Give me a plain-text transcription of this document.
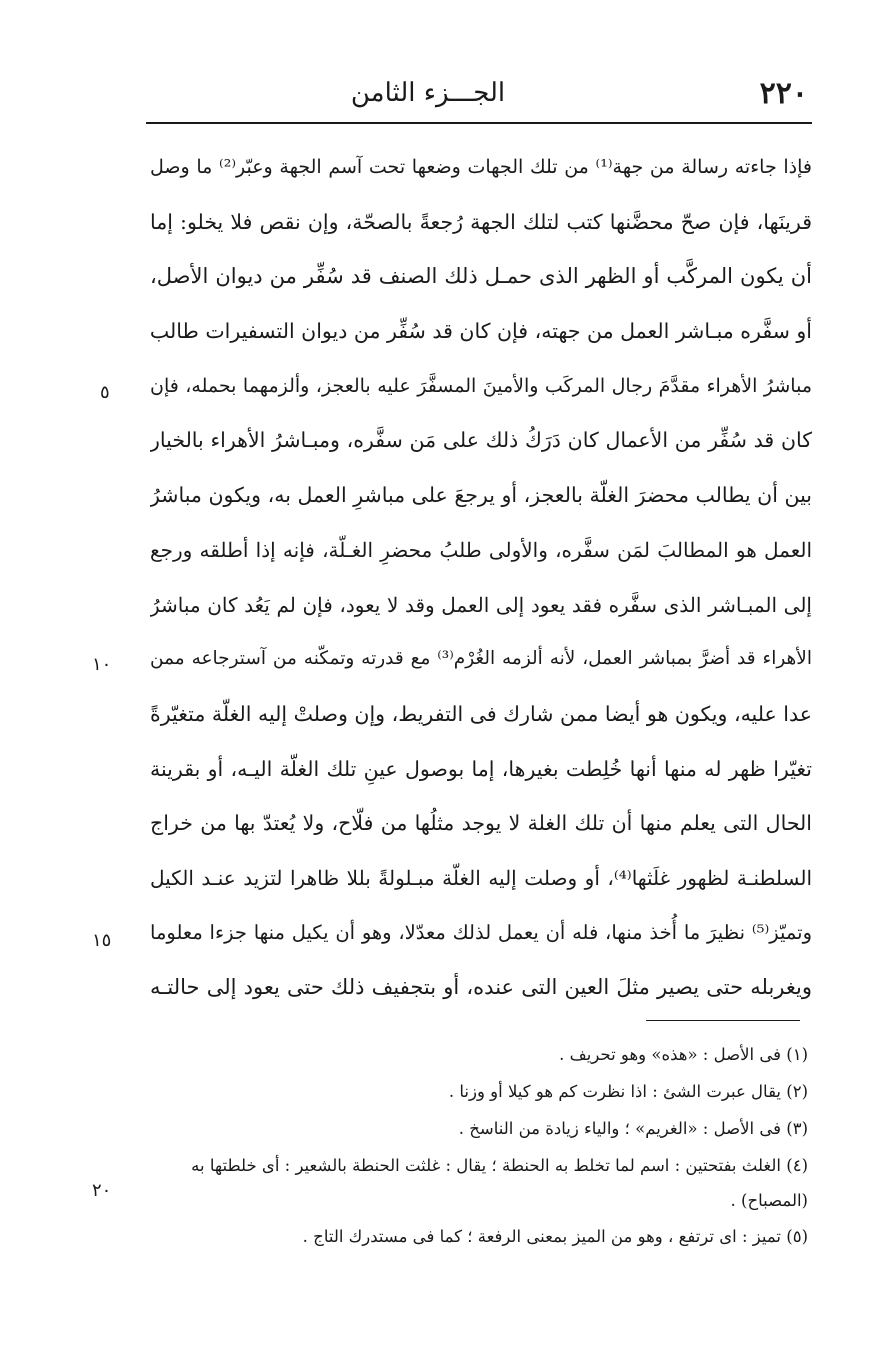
٢٢٠
الجـــزء الثامن
فإذا جاءته رسالة من جهة⁽¹⁾ من تلك الجهات وضعها تحت آسم الجهة وعبّر⁽²⁾ ما وصل
قرينَها، فإن صحّ محضَّنها كتب لتلك الجهة رُجعةً بالصحّة، وإن نقص فلا يخلو: إما
أن يكون المركَّب أو الظهر الذى حمـل ذلك الصنف قد سُفِّر من ديوان الأصل،
أو سفَّره مبـاشر العمل من جهته، فإن كان قد سُفِّر من ديوان التسفيرات طالب
مباشرُ الأهراء مقدَّمَ رجال المركَب والأمينَ المسفَّرَ عليه بالعجز، وألزمهما بحمله، فإن
كان قد سُفِّر من الأعمال كان دَرَكُ ذلك على مَن سفَّره، ومبـاشرُ الأهراء بالخيار
بين أن يطالب محضرَ الغلّة بالعجز، أو يرجعَ على مباشرِ العمل به، ويكون مباشرُ
العمل هو المطالبَ لمَن سفَّره، والأولى طلبُ محضرِ الغـلّة، فإنه إذا أطلقه ورجع
إلى المبـاشر الذى سفَّره فقد يعود إلى العمل وقد لا يعود، فإن لم يَعُد كان مباشرُ
الأهراء قد أضرَّ بمباشر العمل، لأنه ألزمه الغُرْم⁽³⁾ مع قدرته وتمكّنه من آسترجاعه ممن
عدا عليه، ويكون هو أيضا ممن شارك فى التفريط، وإن وصلتْ إليه الغلّة متغيّرةً
تغيّرا ظهر له منها أنها خُلِطت بغيرها، إما بوصول عينِ تلك الغلّة اليـه، أو بقرينة
الحال التى يعلم منها أن تلك الغلة لا يوجد مثلُها من فلّاح، ولا يُعتدّ بها من خراج
السلطنـة لظهور غلَثها⁽⁴⁾، أو وصلت إليه الغلّة مبـلولةً بللا ظاهرا لتزيد عنـد الكيل
وتميّز⁽⁵⁾ نظيرَ ما أُخذ منها، فله أن يعمل لذلك معدّلا، وهو أن يكيل منها جزءا معلوما
ويغربله حتى يصير مثلَ العين التى عنده، أو بتجفيف ذلك حتى يعود إلى حالتـه
٥
١٠
١٥
(١) فى الأصل : «هذه» وهو تحريف .
(٢) يقال عبرت الشئ : اذا نظرت كم هو كيلا أو وزنا .
(٣) فى الأصل : «الغريم» ؛ والياء زيادة من الناسخ .
(٤) الغلث بفتحتين : اسم لما تخلط به الحنطة ؛ يقال : غلثت الحنطة بالشعير : أى خلطتها به
(المصباح) .
(٥) تميز : اى ترتفع ، وهو من الميز بمعنى الرفعة ؛ كما فى مستدرك التاج .
٢٠
